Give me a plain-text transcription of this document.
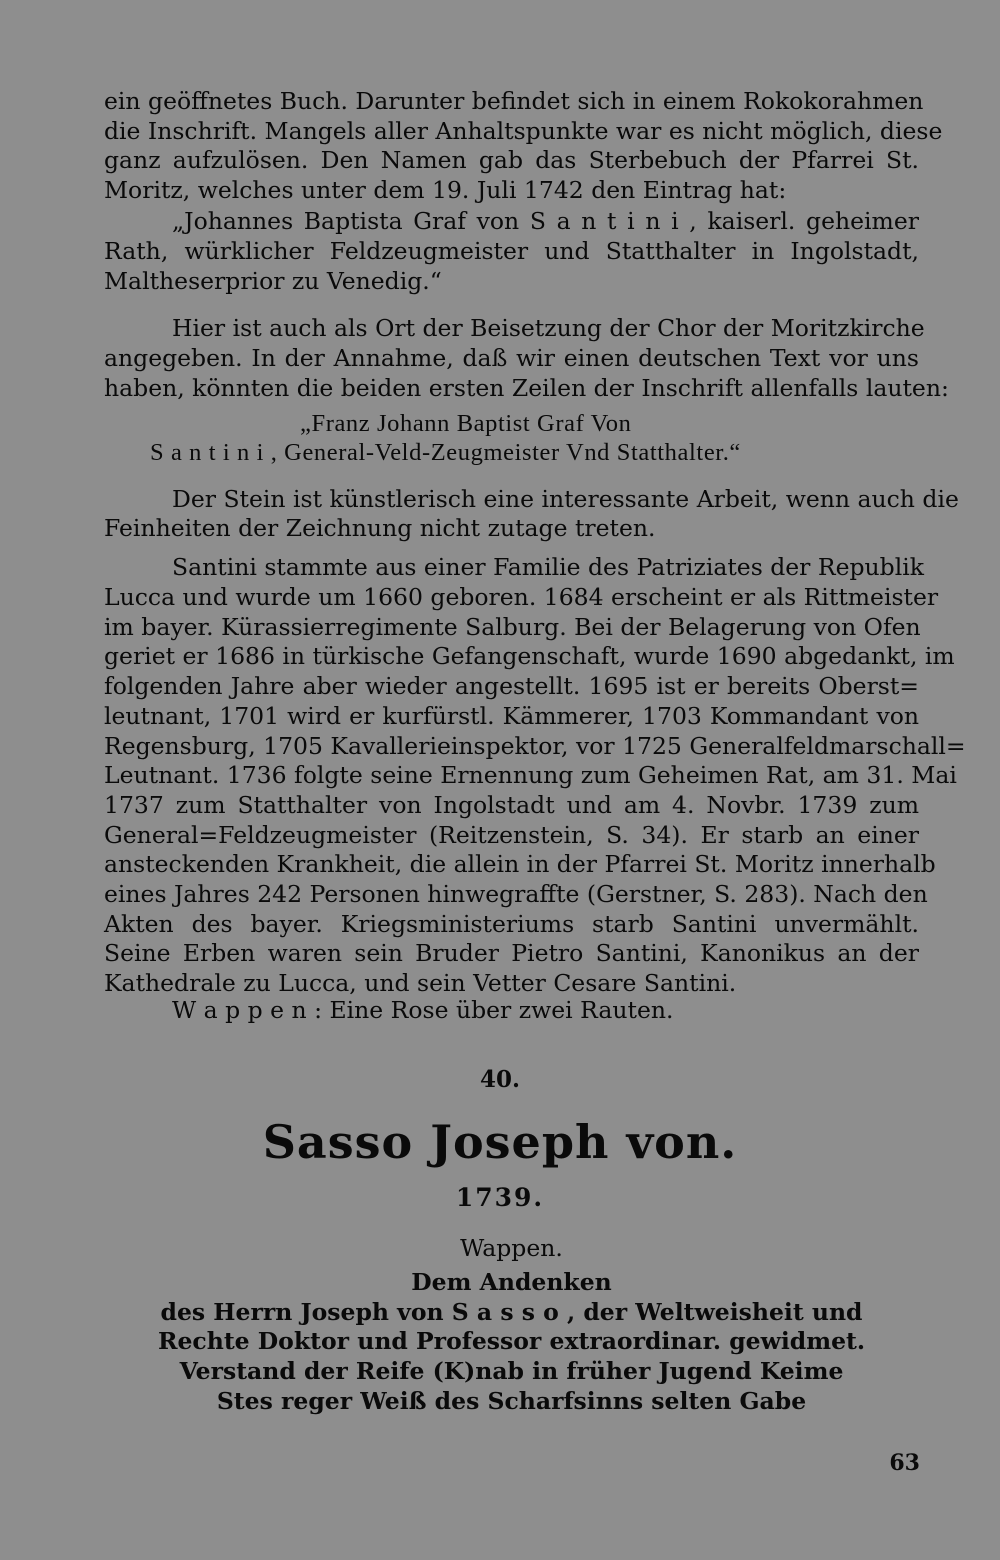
ein geöffnetes Buch. Darunter befindet sich in einem Rokokorahmen
die Inschrift. Mangels aller Anhaltspunkte war es nicht möglich, diese
ganz aufzulösen. Den Namen gab das Sterbebuch der Pfarrei St.
Moritz, welches unter dem 19. Juli 1742 den Eintrag hat:
„Johannes Baptista Graf von S a n t i n i , kaiserl. geheimer
Rath, würklicher Feldzeugmeister und Statthalter in Ingolstadt,
Maltheserprior zu Venedig.“
Hier ist auch als Ort der Beisetzung der Chor der Moritzkirche
angegeben. In der Annahme, daß wir einen deutschen Text vor uns
haben, könnten die beiden ersten Zeilen der Inschrift allenfalls lauten:
„Franz Johann Baptist Graf Von
S a n t i n i , General-Veld-Zeugmeister Vnd Statthalter.“
Der Stein ist künstlerisch eine interessante Arbeit, wenn auch die
Feinheiten der Zeichnung nicht zutage treten.
Santini stammte aus einer Familie des Patriziates der Republik
Lucca und wurde um 1660 geboren. 1684 erscheint er als Rittmeister
im bayer. Kürassierregimente Salburg. Bei der Belagerung von Ofen
geriet er 1686 in türkische Gefangenschaft, wurde 1690 abgedankt, im
folgenden Jahre aber wieder angestellt. 1695 ist er bereits Oberst=
leutnant, 1701 wird er kurfürstl. Kämmerer, 1703 Kommandant von
Regensburg, 1705 Kavallerieinspektor, vor 1725 Generalfeldmarschall=
Leutnant. 1736 folgte seine Ernennung zum Geheimen Rat, am 31. Mai
1737 zum Statthalter von Ingolstadt und am 4. Novbr. 1739 zum
General=Feldzeugmeister (Reitzenstein, S. 34). Er starb an einer
ansteckenden Krankheit, die allein in der Pfarrei St. Moritz innerhalb
eines Jahres 242 Personen hinwegraffte (Gerstner, S. 283). Nach den
Akten des bayer. Kriegsministeriums starb Santini unvermählt.
Seine Erben waren sein Bruder Pietro Santini, Kanonikus an der
Kathedrale zu Lucca, und sein Vetter Cesare Santini.
W a p p e n : Eine Rose über zwei Rauten.
40.
Sasso Joseph von.
1739.
Wappen.
Dem Andenken
des Herrn Joseph von S a s s o , der Weltweisheit und
Rechte Doktor und Professor extraordinar. gewidmet.
Verstand der Reife (K)nab in früher Jugend Keime
Stes reger Weiß des Scharfsinns selten Gabe
63
